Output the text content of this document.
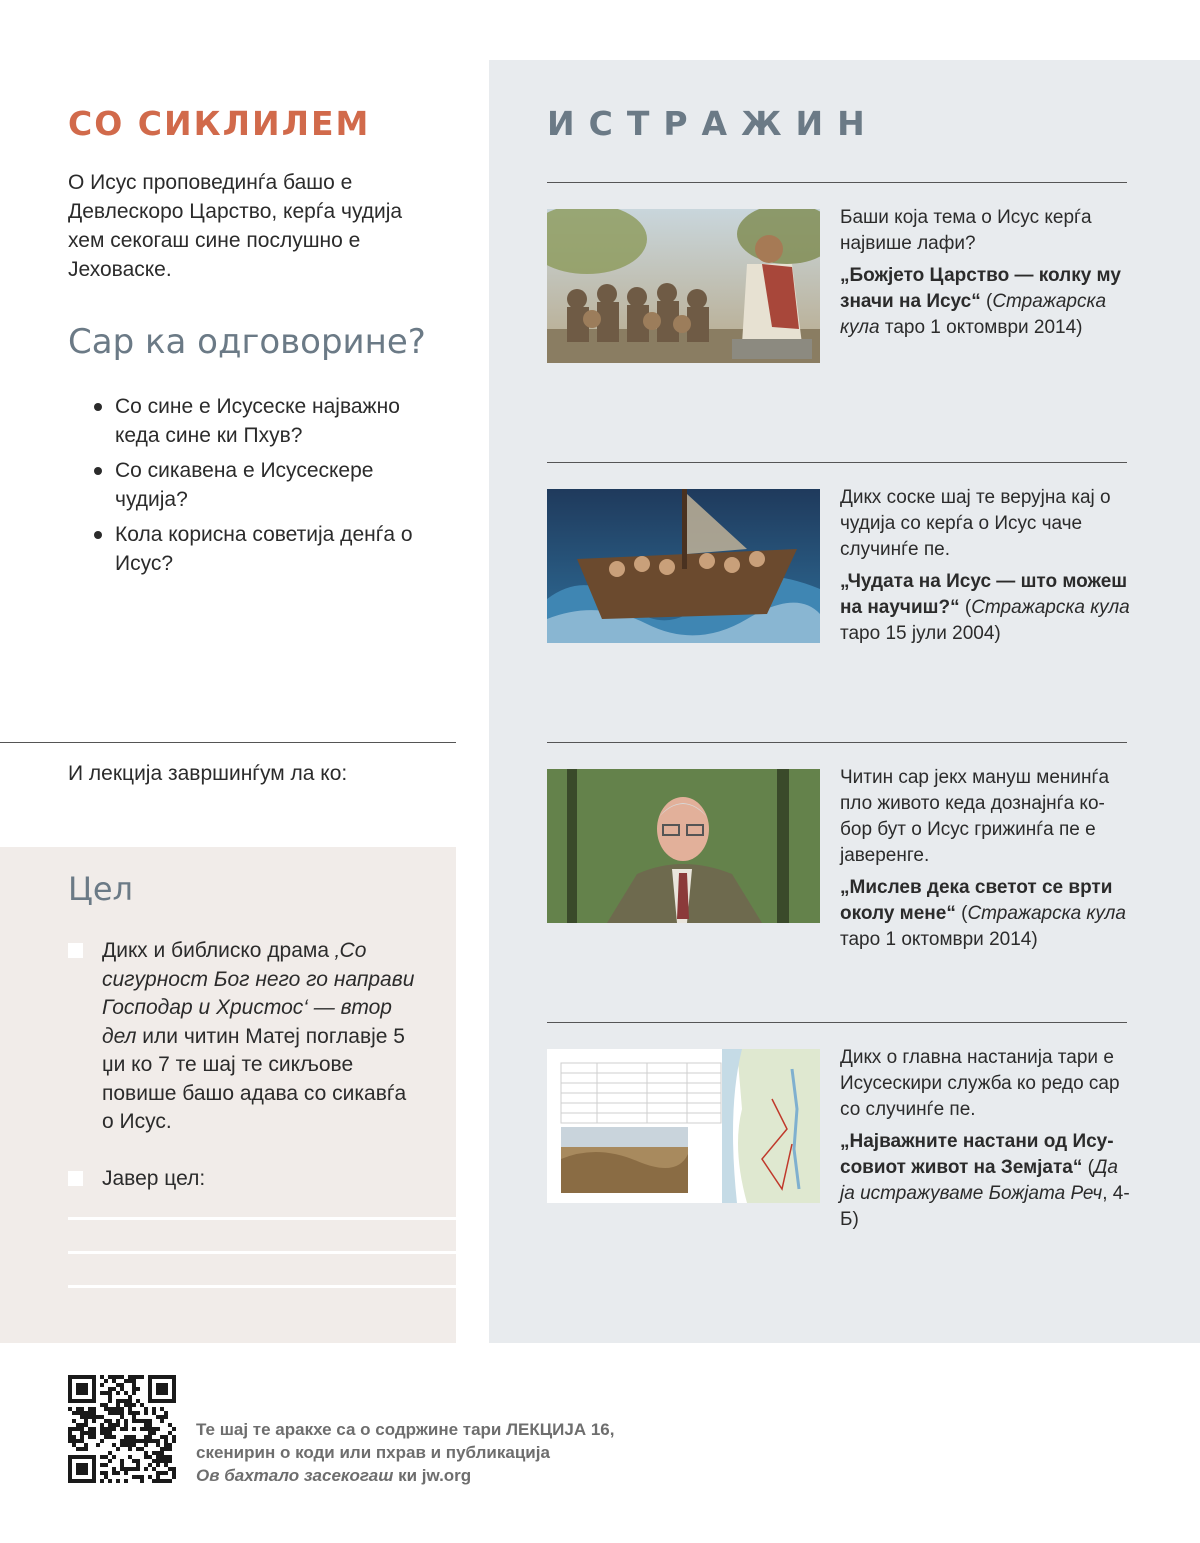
СО СИКЛИЛЕМ
О Исус проповединѓа башо е Девлескоро Царство, керѓа чудија хем секогаш сине послушно е Јеховаске.
Сар ка одговорине?
Со сине е Исусеске најважно кеда сине ки Пхув?
Со сикавена е Исусескере чудија?
Кола корисна советија денѓа о Исус?
И лекција завршинѓум ла ко:
Цел
Дикх и библиско драма ‚Со сигурност Бог него го направи Господар и Христос‘ — втор дел или читин Матеј поглавје 5 џи ко 7 те шај те сикљове повише башо адава со сикавѓа о Исус.
Јавер цел:
ИСТРАЖИН
Баши која тема о Исус керѓа највише лафи?
„Божјето Царство — колку му значи на Исус“ (Стражарска кула таро 1 октомври 2014)
Дикх соске шај те верујна кај о чудија со керѓа о Исус чаче случинѓе пе.
„Чудата на Исус — што можеш на научиш?“ (Стражарска кула таро 15 јули 2004)
Читин сар јекх мануш менинѓа пло живото кеда дознајнѓа кобор бут о Исус грижинѓа пе е јаверенге.
„Мислев дека светот се врти околу мене“ (Стражарска кула таро 1 октомври 2014)
Дикх о главна настанија тари е Исусескири служба ко редо сар со случинѓе пе.
„Најважните настани од Исусовиот живот на Земјата“ (Да ја истражуваме Божјата Реч, 4-Б)
Те шај те аракхе са о содржине тари ЛЕКЦИЈА 16,
скенирин о коди или пхрав и публикација
Ов бахтало засекогаш ки jw.org
